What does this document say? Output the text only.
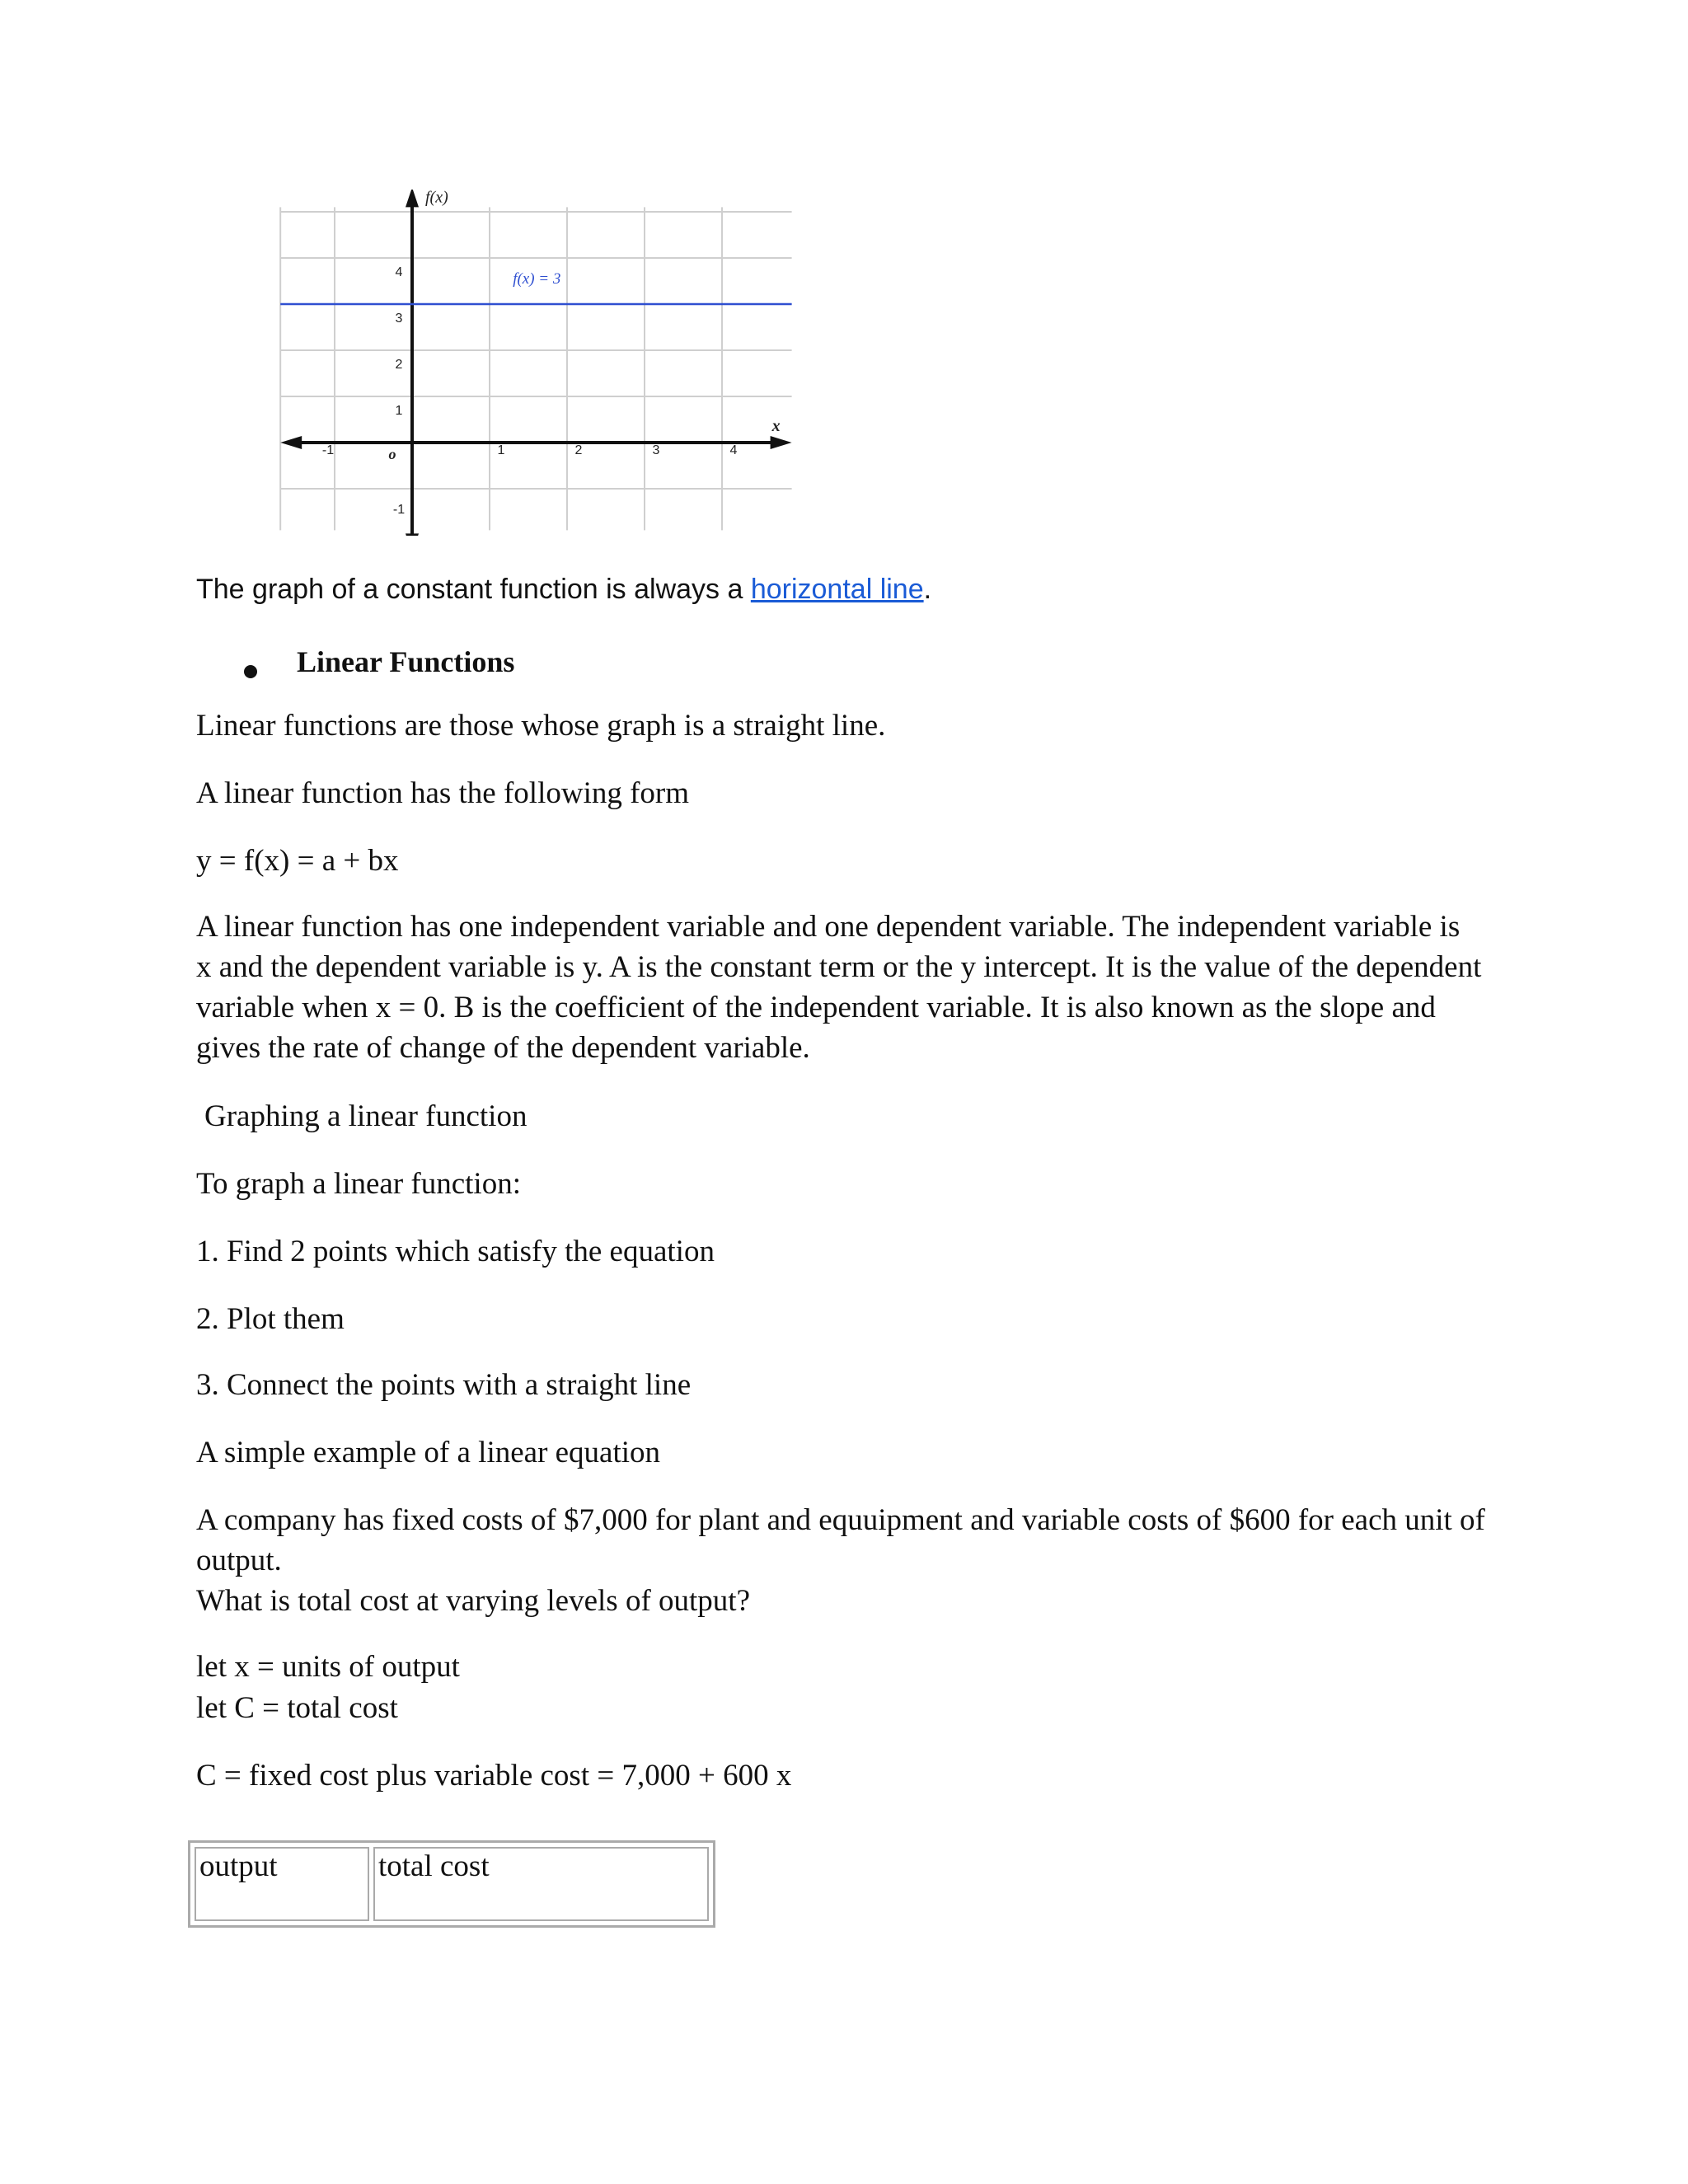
-1	1	2	3	4
-1
1
2
3
4
o
f(x)
x
f(x) = 3
The graph of a constant function is always a horizontal line.
Linear Functions
Linear functions are those whose graph is a straight line.
A linear function has the following form
y = f(x) = a + bx
A linear function has one independent variable and one dependent variable. The independent variable is x and the dependent variable is y. A is the constant term or the y intercept. It is the value of the dependent variable when x = 0. B is the coefficient of the independent variable. It is also known as the slope and gives the rate of change of the dependent variable.
Graphing a linear function
To graph a linear function:
1. Find 2 points which satisfy the equation
2. Plot them
3. Connect the points with a straight line
A simple example of a linear equation
A company has fixed costs of $7,000 for plant and equuipment and variable costs of $600 for each unit of output.
What is total cost at varying levels of output?
let x = units of output
let C = total cost
C = fixed cost plus variable cost = 7,000 + 600 x
output	total cost
